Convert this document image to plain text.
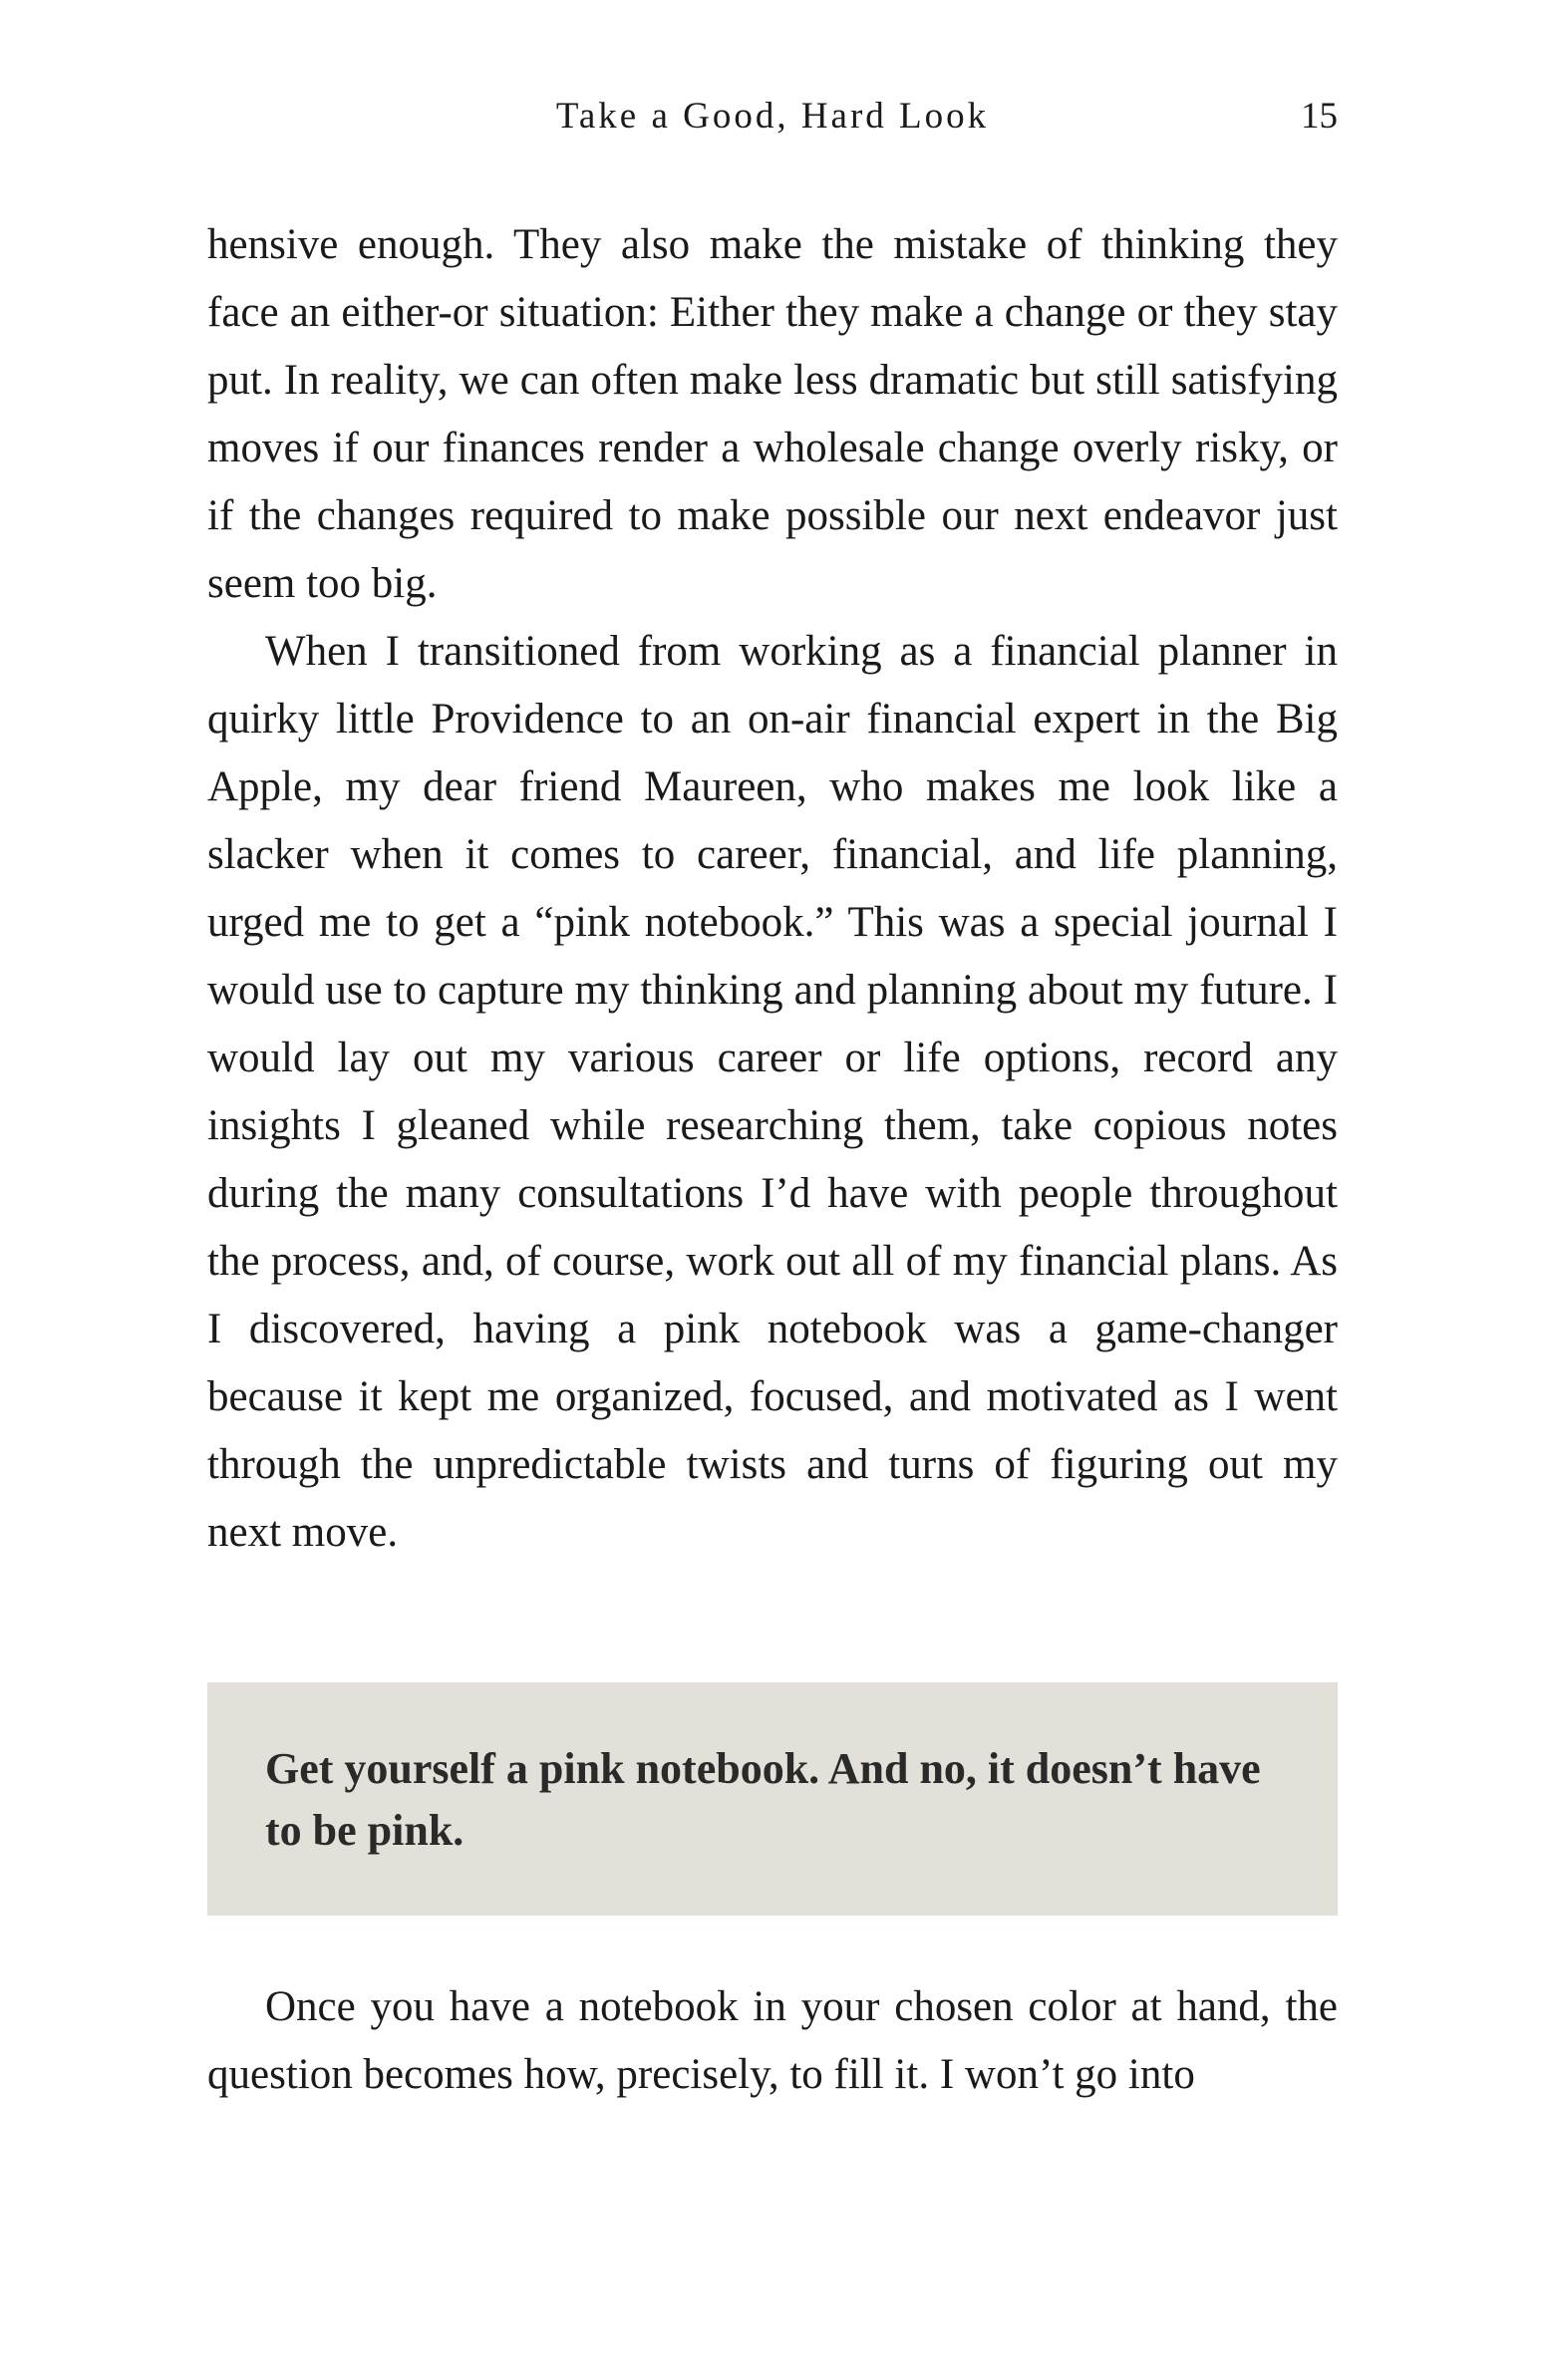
Take a Good, Hard Look	15

hensive enough. They also make the mistake of thinking they face an either-or situation: Either they make a change or they stay put. In reality, we can often make less dramatic but still satisfying moves if our finances render a wholesale change overly risky, or if the changes required to make possible our next endeavor just seem too big.

When I transitioned from working as a financial planner in quirky little Providence to an on-air financial expert in the Big Apple, my dear friend Maureen, who makes me look like a slacker when it comes to career, financial, and life planning, urged me to get a “pink notebook.” This was a special journal I would use to capture my thinking and planning about my future. I would lay out my various career or life options, record any insights I gleaned while researching them, take copious notes during the many consultations I’d have with people throughout the process, and, of course, work out all of my financial plans. As I discovered, having a pink notebook was a game-changer because it kept me organized, focused, and motivated as I went through the unpredictable twists and turns of figuring out my next move.

Get yourself a pink notebook. And no, it doesn’t have to be pink.

Once you have a notebook in your chosen color at hand, the question becomes how, precisely, to fill it. I won’t go into
